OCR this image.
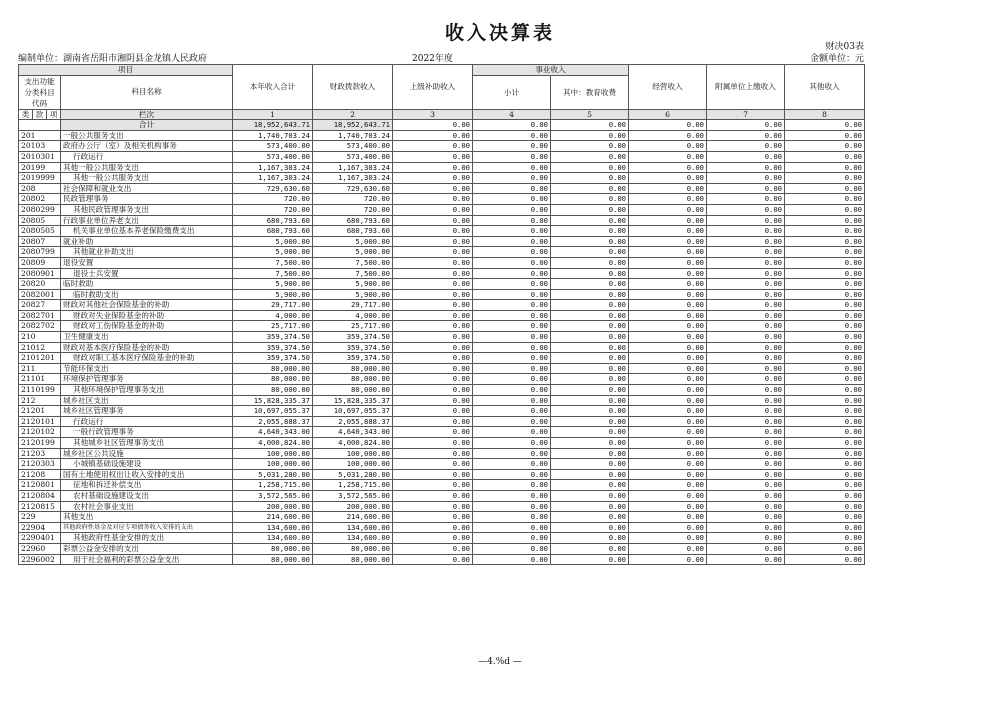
收入决算表
财决03表
编制单位：湖南省岳阳市湘阴县金龙镇人民政府	2022年度	金额单位：元
项目				本年收入合计	财政拨款收入	上级补助收入	事业收入		经营收入	附属单位上缴收入	其他收入
支出功能分类科目代码			科目名称				小计	其中：教育收费			
类	款	项									
			栏次	1	2	3	4	5	6	7	8
			合计	18,952,643.71	18,952,643.71	0.00	0.00	0.00	0.00	0.00	0.00
201			一般公共服务支出	1,740,703.24	1,740,703.24	0.00	0.00	0.00	0.00	0.00	0.00
20103			政府办公厅（室）及相关机构事务	573,400.00	573,400.00	0.00	0.00	0.00	0.00	0.00	0.00
2010301			行政运行	573,400.00	573,400.00	0.00	0.00	0.00	0.00	0.00	0.00
20199			其他一般公共服务支出	1,167,303.24	1,167,303.24	0.00	0.00	0.00	0.00	0.00	0.00
2019999			其他一般公共服务支出	1,167,303.24	1,167,303.24	0.00	0.00	0.00	0.00	0.00	0.00
208			社会保障和就业支出	729,630.60	729,630.60	0.00	0.00	0.00	0.00	0.00	0.00
20802			民政管理事务	720.00	720.00	0.00	0.00	0.00	0.00	0.00	0.00
2080299			其他民政管理事务支出	720.00	720.00	0.00	0.00	0.00	0.00	0.00	0.00
20805			行政事业单位养老支出	680,793.60	680,793.60	0.00	0.00	0.00	0.00	0.00	0.00
2080505			机关事业单位基本养老保险缴费支出	680,793.60	680,793.60	0.00	0.00	0.00	0.00	0.00	0.00
20807			就业补助	5,000.00	5,000.00	0.00	0.00	0.00	0.00	0.00	0.00
2080799			其他就业补助支出	5,000.00	5,000.00	0.00	0.00	0.00	0.00	0.00	0.00
20809			退役安置	7,500.00	7,500.00	0.00	0.00	0.00	0.00	0.00	0.00
2080901			退役士兵安置	7,500.00	7,500.00	0.00	0.00	0.00	0.00	0.00	0.00
20820			临时救助	5,900.00	5,900.00	0.00	0.00	0.00	0.00	0.00	0.00
2082001			临时救助支出	5,900.00	5,900.00	0.00	0.00	0.00	0.00	0.00	0.00
20827			财政对其他社会保险基金的补助	29,717.00	29,717.00	0.00	0.00	0.00	0.00	0.00	0.00
2082701			财政对失业保险基金的补助	4,000.00	4,000.00	0.00	0.00	0.00	0.00	0.00	0.00
2082702			财政对工伤保险基金的补助	25,717.00	25,717.00	0.00	0.00	0.00	0.00	0.00	0.00
210			卫生健康支出	359,374.50	359,374.50	0.00	0.00	0.00	0.00	0.00	0.00
21012			财政对基本医疗保险基金的补助	359,374.50	359,374.50	0.00	0.00	0.00	0.00	0.00	0.00
2101201			财政对职工基本医疗保险基金的补助	359,374.50	359,374.50	0.00	0.00	0.00	0.00	0.00	0.00
211			节能环保支出	80,000.00	80,000.00	0.00	0.00	0.00	0.00	0.00	0.00
21101			环境保护管理事务	80,000.00	80,000.00	0.00	0.00	0.00	0.00	0.00	0.00
2110199			其他环境保护管理事务支出	80,000.00	80,000.00	0.00	0.00	0.00	0.00	0.00	0.00
212			城乡社区支出	15,828,335.37	15,828,335.37	0.00	0.00	0.00	0.00	0.00	0.00
21201			城乡社区管理事务	10,697,055.37	10,697,055.37	0.00	0.00	0.00	0.00	0.00	0.00
2120101			行政运行	2,055,888.37	2,055,888.37	0.00	0.00	0.00	0.00	0.00	0.00
2120102			一般行政管理事务	4,640,343.00	4,640,343.00	0.00	0.00	0.00	0.00	0.00	0.00
2120199			其他城乡社区管理事务支出	4,000,824.00	4,000,824.00	0.00	0.00	0.00	0.00	0.00	0.00
21203			城乡社区公共设施	100,000.00	100,000.00	0.00	0.00	0.00	0.00	0.00	0.00
2120303			小城镇基础设施建设	100,000.00	100,000.00	0.00	0.00	0.00	0.00	0.00	0.00
21208			国有土地使用权出让收入安排的支出	5,031,280.00	5,031,280.00	0.00	0.00	0.00	0.00	0.00	0.00
2120801			征地和拆迁补偿支出	1,258,715.00	1,258,715.00	0.00	0.00	0.00	0.00	0.00	0.00
2120804			农村基础设施建设支出	3,572,565.00	3,572,565.00	0.00	0.00	0.00	0.00	0.00	0.00
2120815			农村社会事业支出	200,000.00	200,000.00	0.00	0.00	0.00	0.00	0.00	0.00
229			其他支出	214,600.00	214,600.00	0.00	0.00	0.00	0.00	0.00	0.00
22904			其他政府性基金及对应专项债务收入安排的支出	134,600.00	134,600.00	0.00	0.00	0.00	0.00	0.00	0.00
2290401			其他政府性基金安排的支出	134,600.00	134,600.00	0.00	0.00	0.00	0.00	0.00	0.00
22960			彩票公益金安排的支出	80,000.00	80,000.00	0.00	0.00	0.00	0.00	0.00	0.00
2296002			用于社会福利的彩票公益金支出	80,000.00	80,000.00	0.00	0.00	0.00	0.00	0.00	0.00
—4.%d —
